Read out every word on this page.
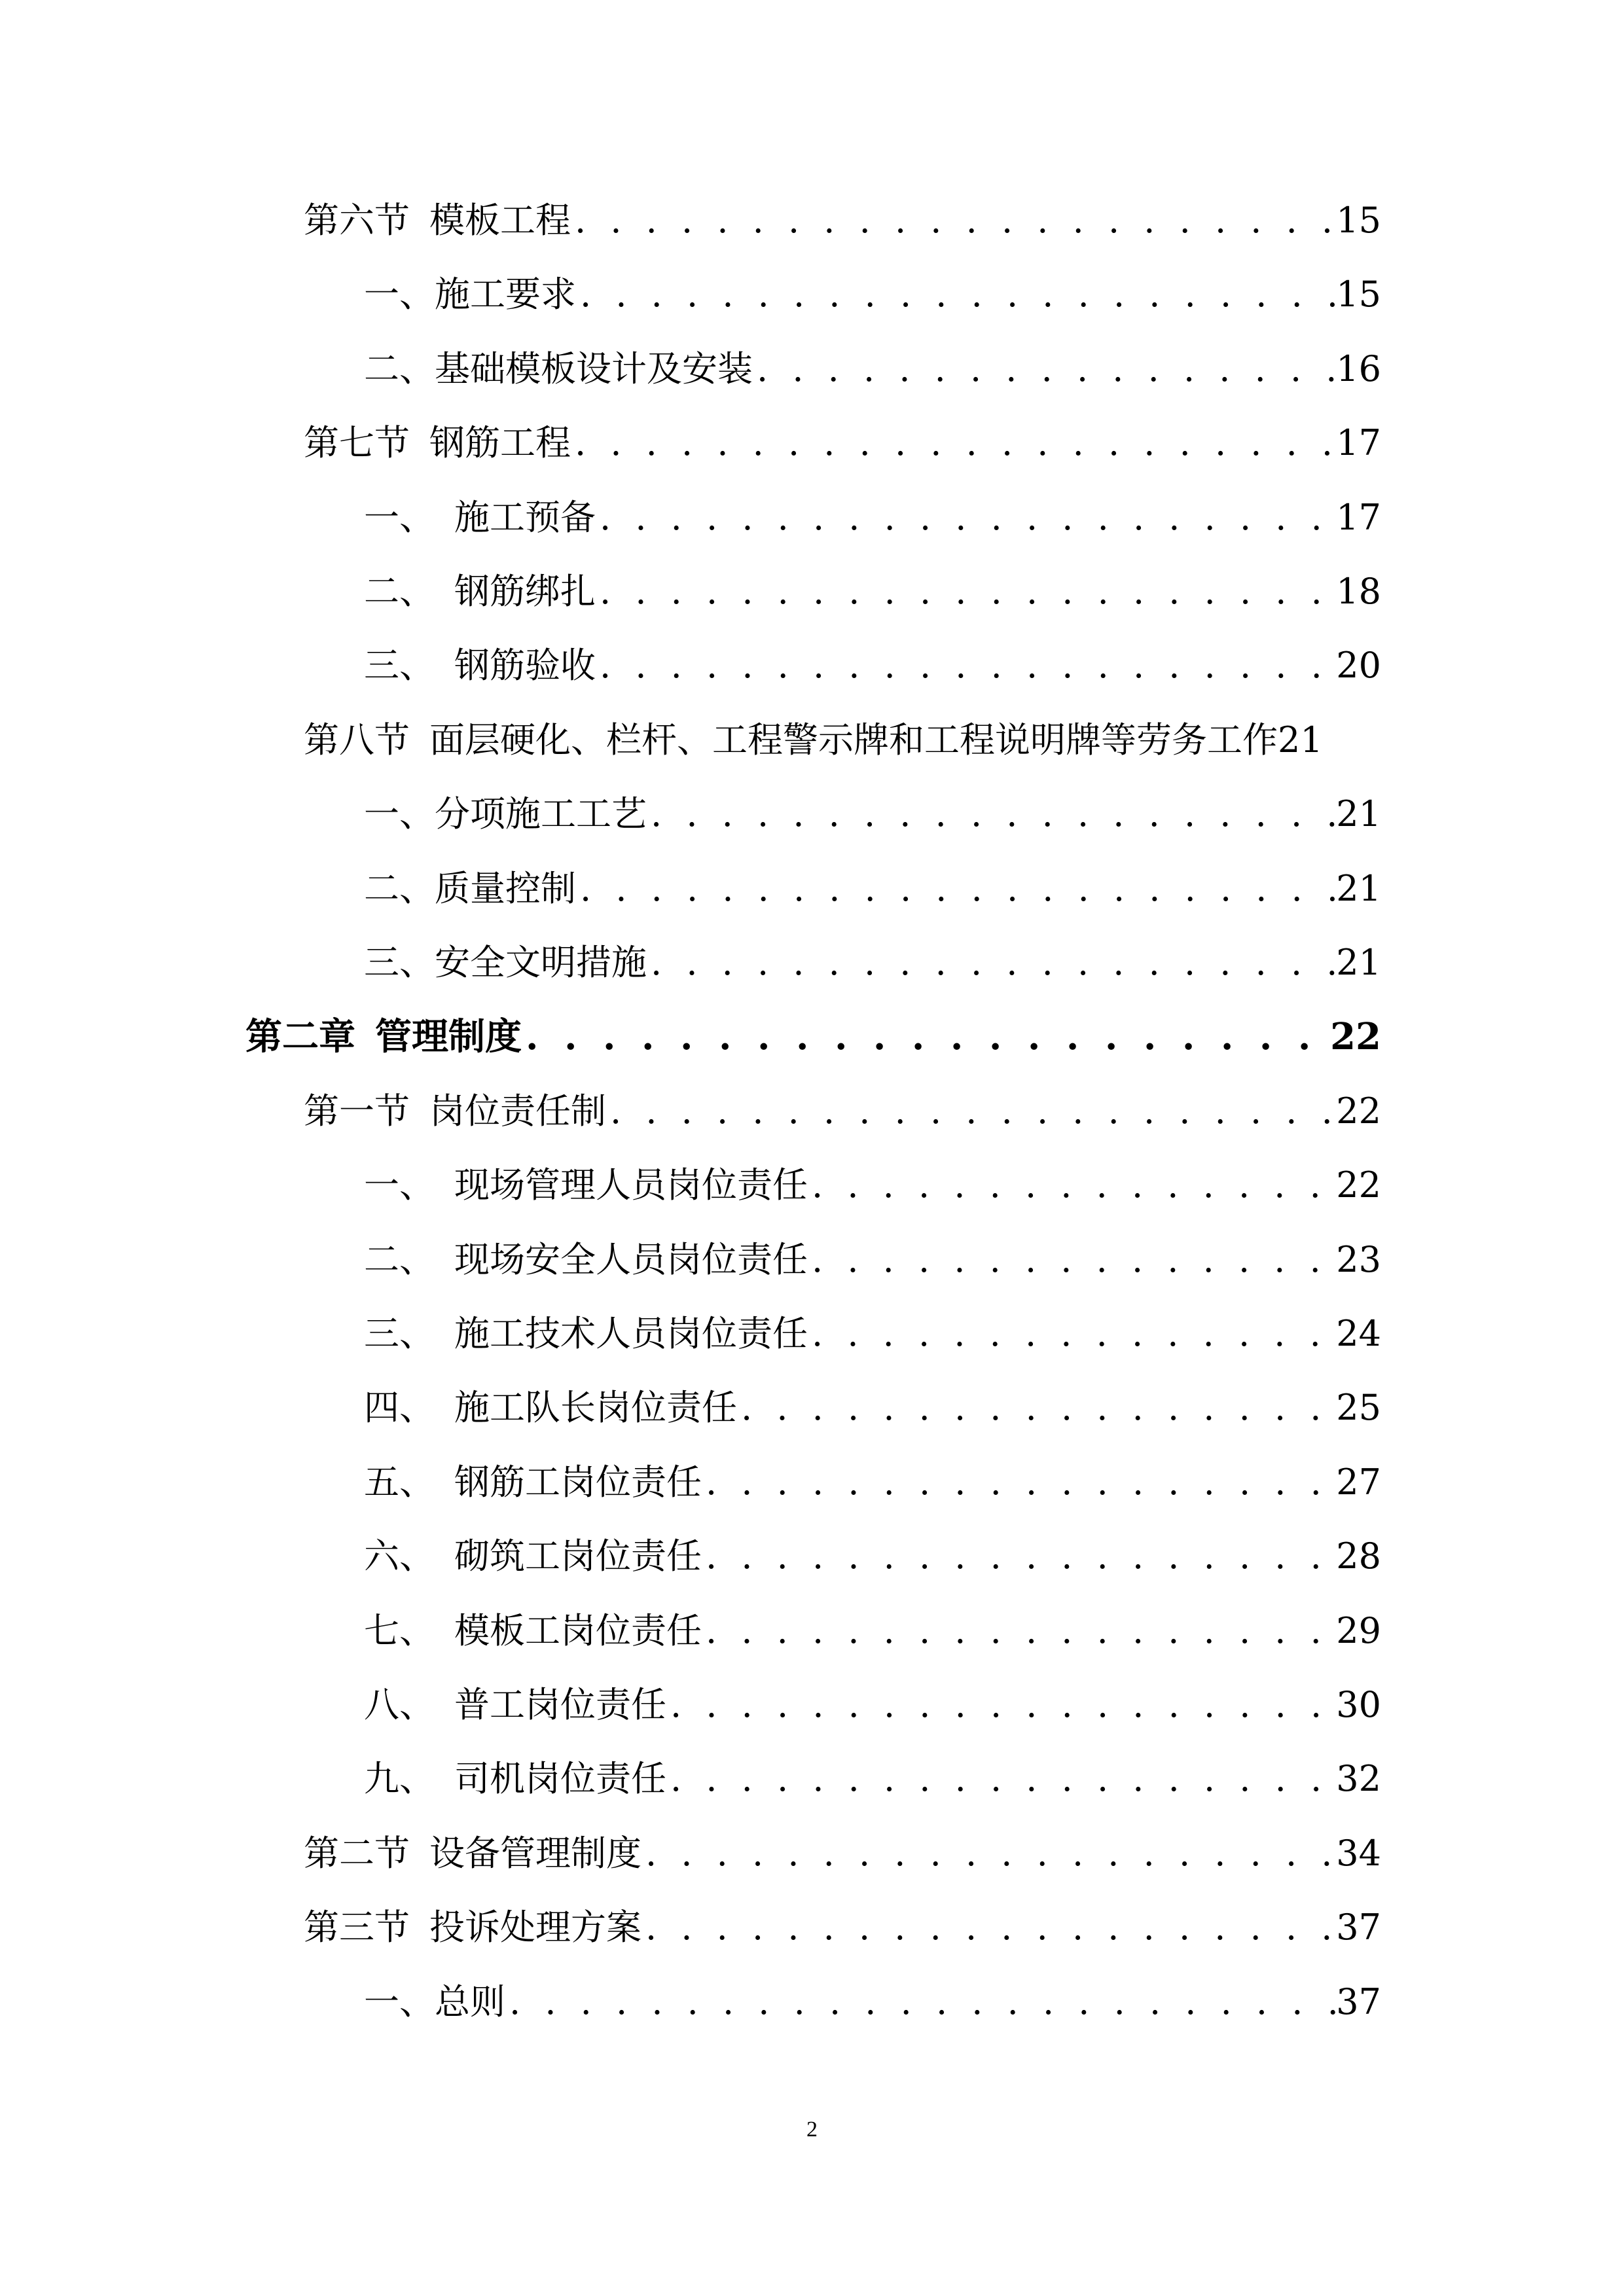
第六节 模板工程 . . .	15
一、 施工要求 . . .	15
二、 基础模板设计及安装 . . .	16
第七节 钢筋工程 . . .	17
一、 施工预备 . . .	17
二、 钢筋绑扎 . . .	18
三、 钢筋验收 . . .	20
第八节 面层硬化、栏杆、工程警示牌和工程说明牌等劳务工作 21
一、 分项施工工艺 . . .	21
二、 质量控制 . . .	21
三、 安全文明措施 . . .	21
第二章 管理制度 . . .	22
第一节 岗位责任制 . . .	22
一、 现场管理人员岗位责任 . . .	22
二、 现场安全人员岗位责任 . . .	23
三、 施工技术人员岗位责任 . . .	24
四、 施工队长岗位责任 . . .	25
五、 钢筋工岗位责任 . . .	27
六、 砌筑工岗位责任 . . .	28
七、 模板工岗位责任 . . .	29
八、 普工岗位责任 . . .	30
九、 司机岗位责任 . . .	32
第二节 设备管理制度 . . .	34
第三节 投诉处理方案 . . .	37
一、 总则 . . .	37
2
